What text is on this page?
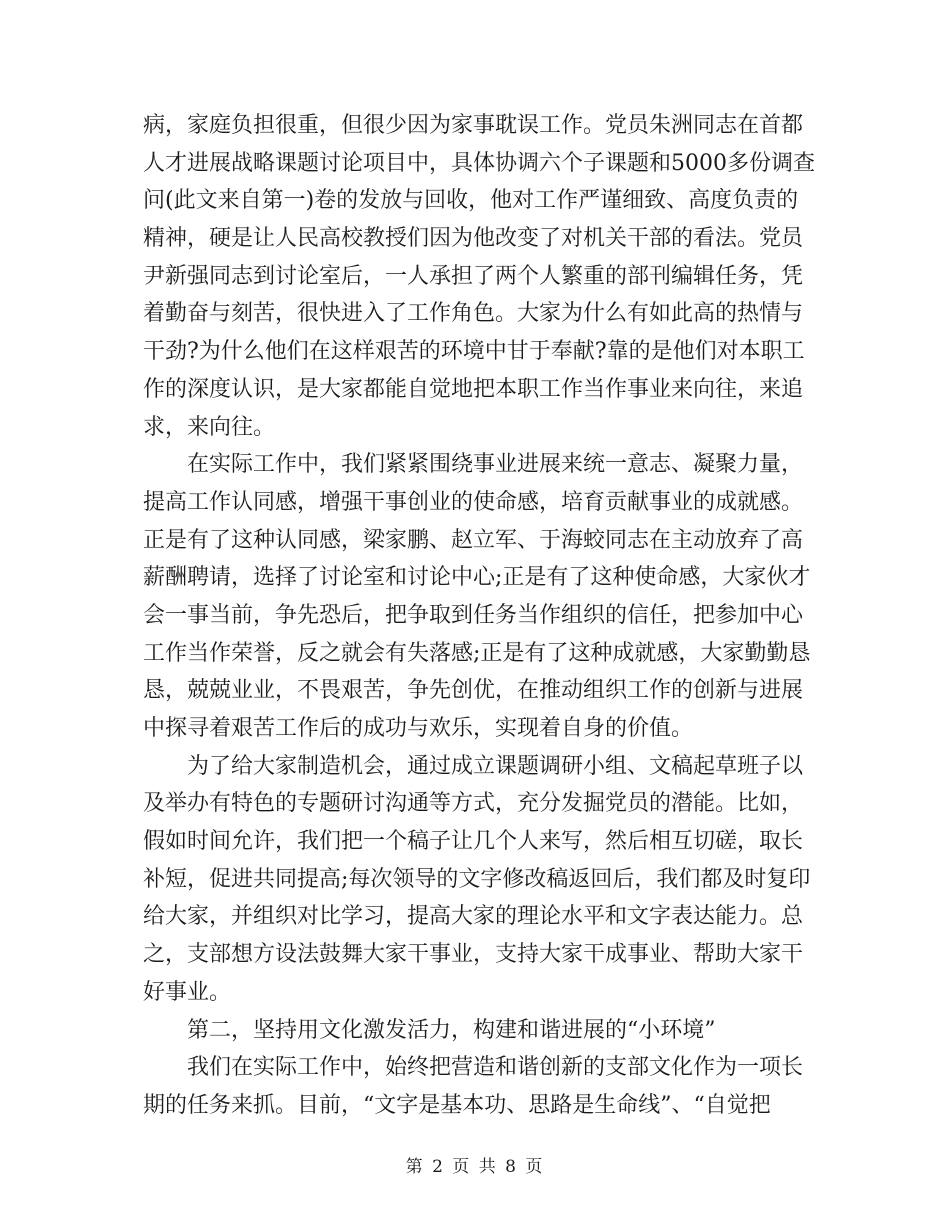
病，家庭负担很重，但很少因为家事耽误工作。党员朱洲同志在首都
人才进展战略课题讨论项目中，具体协调六个子课题和5000多份调查
问(此文来自第一)卷的发放与回收，他对工作严谨细致、高度负责的
精神，硬是让人民高校教授们因为他改变了对机关干部的看法。党员
尹新强同志到讨论室后，一人承担了两个人繁重的部刊编辑任务，凭
着勤奋与刻苦，很快进入了工作角色。大家为什么有如此高的热情与
干劲?为什么他们在这样艰苦的环境中甘于奉献?靠的是他们对本职工
作的深度认识，是大家都能自觉地把本职工作当作事业来向往，来追
求，来向往。
　　在实际工作中，我们紧紧围绕事业进展来统一意志、凝聚力量，
提高工作认同感，增强干事创业的使命感，培育贡献事业的成就感。
正是有了这种认同感，梁家鹏、赵立军、于海蛟同志在主动放弃了高
薪酬聘请，选择了讨论室和讨论中心;正是有了这种使命感，大家伙才
会一事当前，争先恐后，把争取到任务当作组织的信任，把参加中心
工作当作荣誉，反之就会有失落感;正是有了这种成就感，大家勤勤恳
恳，兢兢业业，不畏艰苦，争先创优，在推动组织工作的创新与进展
中探寻着艰苦工作后的成功与欢乐，实现着自身的价值。
　　为了给大家制造机会，通过成立课题调研小组、文稿起草班子以
及举办有特色的专题研讨沟通等方式，充分发掘党员的潜能。比如，
假如时间允许，我们把一个稿子让几个人来写，然后相互切磋，取长
补短，促进共同提高;每次领导的文字修改稿返回后，我们都及时复印
给大家，并组织对比学习，提高大家的理论水平和文字表达能力。总
之，支部想方设法鼓舞大家干事业，支持大家干成事业、帮助大家干
好事业。
　　第二，坚持用文化激发活力，构建和谐进展的“小环境”
　　我们在实际工作中，始终把营造和谐创新的支部文化作为一项长
期的任务来抓。目前，“文字是基本功、思路是生命线”、“自觉把
第 2 页 共 8 页
